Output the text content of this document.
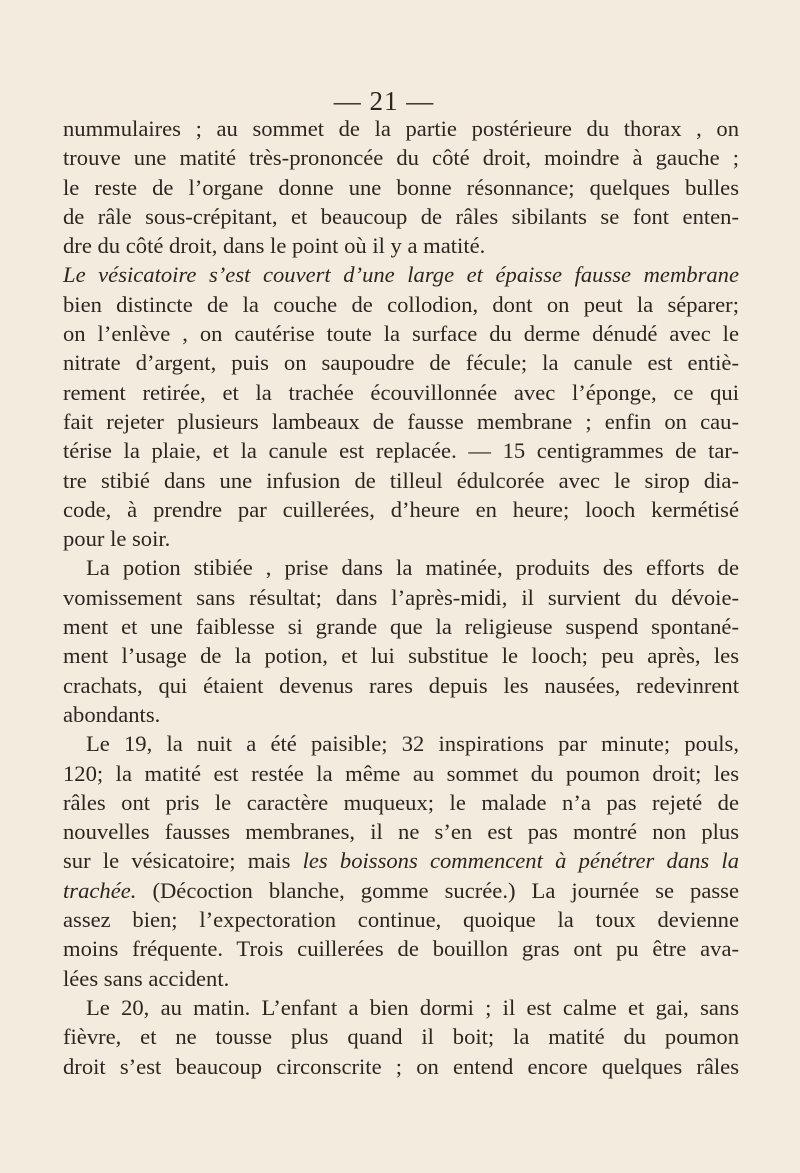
— 21 —
nummulaires ; au sommet de la partie postérieure du thorax , on
trouve une matité très-prononcée du côté droit, moindre à gauche ;
le reste de l’organe donne une bonne résonnance; quelques bulles
de râle sous-crépitant, et beaucoup de râles sibilants se font enten-
dre du côté droit, dans le point où il y a matité.
Le vésicatoire s’est couvert d’une large et épaisse fausse membrane
bien distincte de la couche de collodion, dont on peut la séparer;
on l’enlève , on cautérise toute la surface du derme dénudé avec le
nitrate d’argent, puis on saupoudre de fécule; la canule est entiè-
rement retirée, et la trachée écouvillonnée avec l’éponge, ce qui
fait rejeter plusieurs lambeaux de fausse membrane ; enfin on cau-
térise la plaie, et la canule est replacée. — 15 centigrammes de tar-
tre stibié dans une infusion de tilleul édulcorée avec le sirop dia-
code, à prendre par cuillerées, d’heure en heure; looch kermétisé
pour le soir.
La potion stibiée , prise dans la matinée, produits des efforts de
vomissement sans résultat; dans l’après-midi, il survient du dévoie-
ment et une faiblesse si grande que la religieuse suspend spontané-
ment l’usage de la potion, et lui substitue le looch; peu après, les
crachats, qui étaient devenus rares depuis les nausées, redevinrent
abondants.
Le 19, la nuit a été paisible; 32 inspirations par minute; pouls,
120; la matité est restée la même au sommet du poumon droit; les
râles ont pris le caractère muqueux; le malade n’a pas rejeté de
nouvelles fausses membranes, il ne s’en est pas montré non plus
sur le vésicatoire; mais les boissons commencent à pénétrer dans la
trachée. (Décoction blanche, gomme sucrée.) La journée se passe
assez bien; l’expectoration continue, quoique la toux devienne
moins fréquente. Trois cuillerées de bouillon gras ont pu être ava-
lées sans accident.
Le 20, au matin. L’enfant a bien dormi ; il est calme et gai, sans
fièvre, et ne tousse plus quand il boit; la matité du poumon
droit s’est beaucoup circonscrite ; on entend encore quelques râles
